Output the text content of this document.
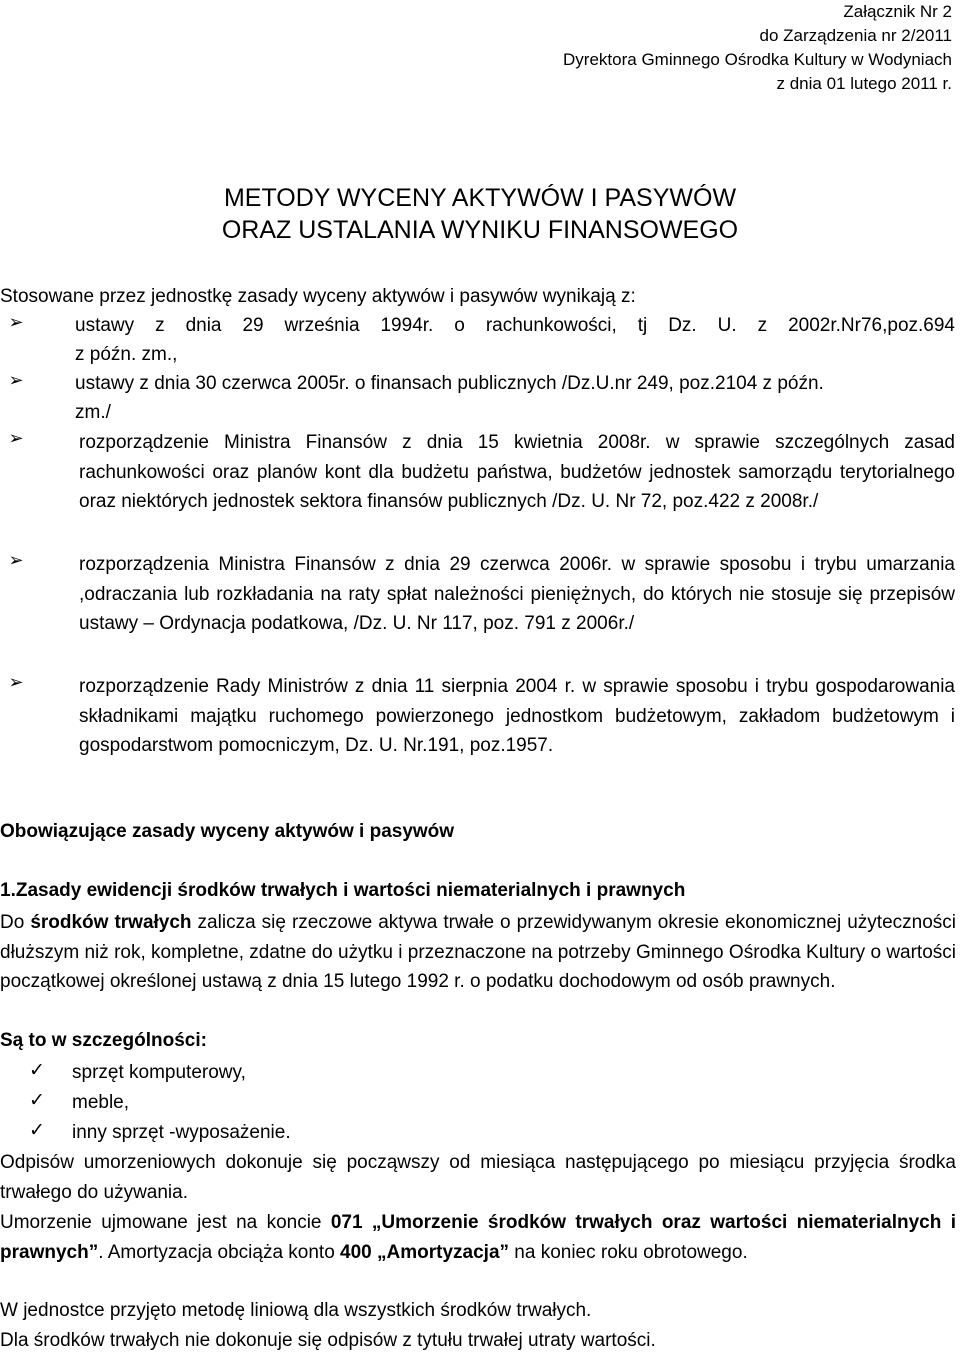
Załącznik Nr 2
do Zarządzenia nr 2/2011
Dyrektora Gminnego Ośrodka Kultury w Wodyniach
z dnia 01 lutego 2011 r.
METODY WYCENY AKTYWÓW I PASYWÓW
ORAZ USTALANIA WYNIKU FINANSOWEGO
Stosowane przez jednostkę zasady wyceny aktywów i pasywów wynikają z:
➢	ustawy z dnia 29 września 1994r. o rachunkowości, tj Dz. U. z 2002r.Nr76,poz.694
z późn. zm.,
➢	ustawy z dnia 30 czerwca 2005r. o finansach publicznych /Dz.U.nr 249, poz.2104 z późn.
zm./
➢	rozporządzenie Ministra Finansów z dnia 15 kwietnia 2008r. w sprawie szczególnych zasad rachunkowości oraz planów kont dla budżetu państwa, budżetów jednostek samorządu terytorialnego oraz niektórych jednostek sektora finansów publicznych /Dz. U. Nr 72, poz.422 z 2008r./
➢	rozporządzenia Ministra Finansów z dnia 29 czerwca 2006r. w sprawie sposobu i trybu umarzania ,odraczania lub rozkładania na raty spłat należności pieniężnych, do których nie stosuje się przepisów ustawy – Ordynacja podatkowa, /Dz. U. Nr 117, poz. 791 z 2006r./
➢	rozporządzenie Rady Ministrów z dnia 11 sierpnia 2004 r. w sprawie sposobu i trybu gospodarowania składnikami majątku ruchomego powierzonego jednostkom budżetowym, zakładom budżetowym i gospodarstwom pomocniczym, Dz. U. Nr.191, poz.1957.
Obowiązujące zasady wyceny aktywów i pasywów
1.Zasady ewidencji środków trwałych i wartości niematerialnych i prawnych
Do środków trwałych zalicza się rzeczowe aktywa trwałe o przewidywanym okresie ekonomicznej użyteczności dłuższym niż rok, kompletne, zdatne do użytku i przeznaczone na potrzeby Gminnego Ośrodka Kultury o wartości początkowej określonej ustawą z dnia 15 lutego 1992 r. o podatku dochodowym od osób prawnych.
Są to w szczególności:
✓ sprzęt komputerowy,
✓ meble,
✓ inny sprzęt -wyposażenie.
Odpisów umorzeniowych dokonuje się począwszy od miesiąca następującego po miesiącu przyjęcia środka trwałego do używania.
Umorzenie ujmowane jest na koncie 071 „Umorzenie środków trwałych oraz wartości niematerialnych i prawnych”. Amortyzacja obciąża konto 400 „Amortyzacja” na koniec roku obrotowego.
W jednostce przyjęto metodę liniową dla wszystkich środków trwałych.
Dla środków trwałych nie dokonuje się odpisów z tytułu trwałej utraty wartości.
